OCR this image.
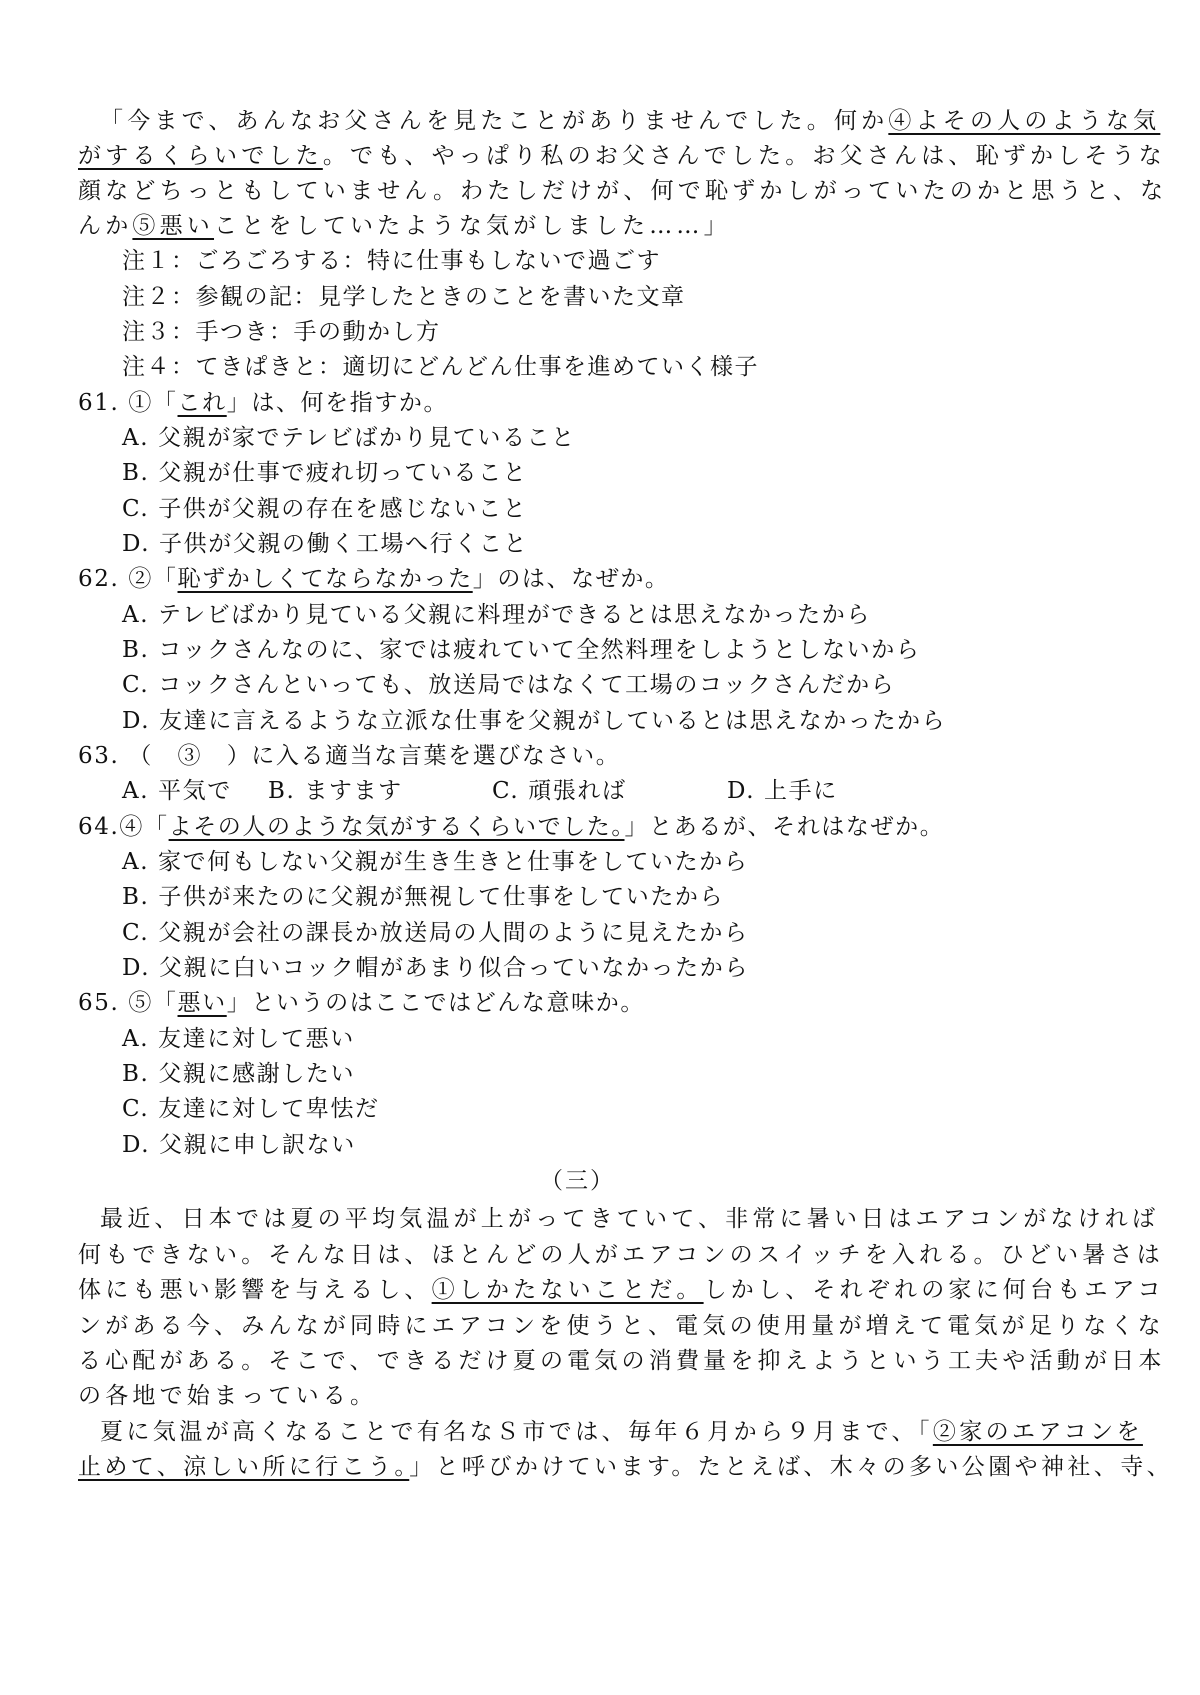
「今まで、あんなお父さんを見たことがありませんでした。何か④よその人のような気
がするくらいでした。でも、やっぱり私のお父さんでした。お父さんは、恥ずかしそうな
顔などちっともしていません。わたしだけが、何で恥ずかしがっていたのかと思うと、な
んか⑤悪いことをしていたような気がしました……」
注１：ごろごろする：特に仕事もしないで過ごす
注２：参観の記：見学したときのことを書いた文章
注３：手つき：手の動かし方
注４：てきぱきと：適切にどんどん仕事を進めていく様子
61. ①「これ」は、何を指すか。
A. 父親が家でテレビばかり見ていること
B. 父親が仕事で疲れ切っていること
C. 子供が父親の存在を感じないこと
D. 子供が父親の働く工場へ行くこと
62. ②「恥ずかしくてならなかった」のは、なぜか。
A. テレビばかり見ている父親に料理ができるとは思えなかったから
B. コックさんなのに、家では疲れていて全然料理をしようとしないから
C. コックさんといっても、放送局ではなくて工場のコックさんだから
D. 友達に言えるような立派な仕事を父親がしているとは思えなかったから
63. （　③　）に入る適当な言葉を選びなさい。
A. 平気で B. ますます	C. 頑張れば	D. 上手に
64.④「よその人のような気がするくらいでした。」とあるが、それはなぜか。
A. 家で何もしない父親が生き生きと仕事をしていたから
B. 子供が来たのに父親が無視して仕事をしていたから
C. 父親が会社の課長か放送局の人間のように見えたから
D. 父親に白いコック帽があまり似合っていなかったから
65. ⑤「悪い」というのはここではどんな意味か。
A. 友達に対して悪い
B. 父親に感謝したい
C. 友達に対して卑怯だ
D. 父親に申し訳ない
（三）
最近、日本では夏の平均気温が上がってきていて、非常に暑い日はエアコンがなければ
何もできない。そんな日は、ほとんどの人がエアコンのスイッチを入れる。ひどい暑さは
体にも悪い影響を与えるし、①しかたないことだ。しかし、それぞれの家に何台もエアコ
ンがある今、みんなが同時にエアコンを使うと、電気の使用量が増えて電気が足りなくな
る心配がある。そこで、できるだけ夏の電気の消費量を抑えようという工夫や活動が日本
の各地で始まっている。
夏に気温が高くなることで有名なＳ市では、毎年６月から９月まで、「②家のエアコンを
止めて、涼しい所に行こう。」と呼びかけています。たとえば、木々の多い公園や神社、寺、
